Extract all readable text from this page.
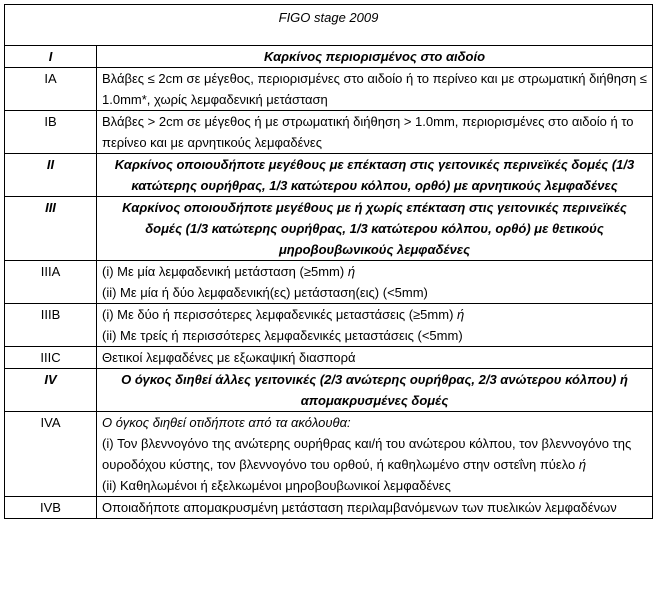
FIGO stage 2009	
I	Καρκίνος περιορισμένος στο αιδοίο
IA	Βλάβες ≤ 2cm σε μέγεθος, περιορισμένες στο αιδοίο ή το περίνεο και με στρωματική διήθηση ≤ 1.0mm*, χωρίς λεμφαδενική μετάσταση
IB	Βλάβες > 2cm σε μέγεθος ή με στρωματική διήθηση > 1.0mm, περιορισμένες στο αιδοίο ή το περίνεο και με αρνητικούς λεμφαδένες
II	Καρκίνος οποιουδήποτε μεγέθους με επέκταση στις γειτονικές περινεϊκές δομές (1/3 κατώτερης ουρήθρας, 1/3 κατώτερου κόλπου, ορθό) με αρνητικούς λεμφαδένες
III	Καρκίνος οποιουδήποτε μεγέθους με ή χωρίς επέκταση στις γειτονικές περινεϊκές δομές (1/3 κατώτερης ουρήθρας, 1/3 κατώτερου κόλπου, ορθό) με θετικούς μηροβουβωνικούς λεμφαδένες
IIIA	(i) Με μία λεμφαδενική μετάσταση (≥5mm) ή
(ii) Με μία ή δύο λεμφαδενική(ες) μετάσταση(εις) (<5mm)

IIIB	(i) Με δύο ή περισσότερες λεμφαδενικές μεταστάσεις (≥5mm) ή
(ii) Με τρείς ή περισσότερες λεμφαδενικές μεταστάσεις (<5mm)

IIIC	Θετικοί λεμφαδένες με εξωκαψική διασπορά
IV	Ο όγκος διηθεί άλλες γειτονικές (2/3 ανώτερης ουρήθρας, 2/3 ανώτερου κόλπου) ή απομακρυσμένες δομές
IVA	Ο όγκος διηθεί οτιδήποτε από τα ακόλουθα:
(i) Τον βλεννογόνο της ανώτερης ουρήθρας και/ή του ανώτερου κόλπου, τον βλεννογόνο της ουροδόχου κύστης, τον βλεννογόνο του ορθού, ή καθηλωμένο στην οστεΐνη πύελο ή
(ii) Καθηλωμένοι ή εξελκωμένοι μηροβουβωνικοί λεμφαδένες

IVB	Οποιαδήποτε απομακρυσμένη μετάσταση περιλαμβανόμενων των πυελικών λεμφαδένων
